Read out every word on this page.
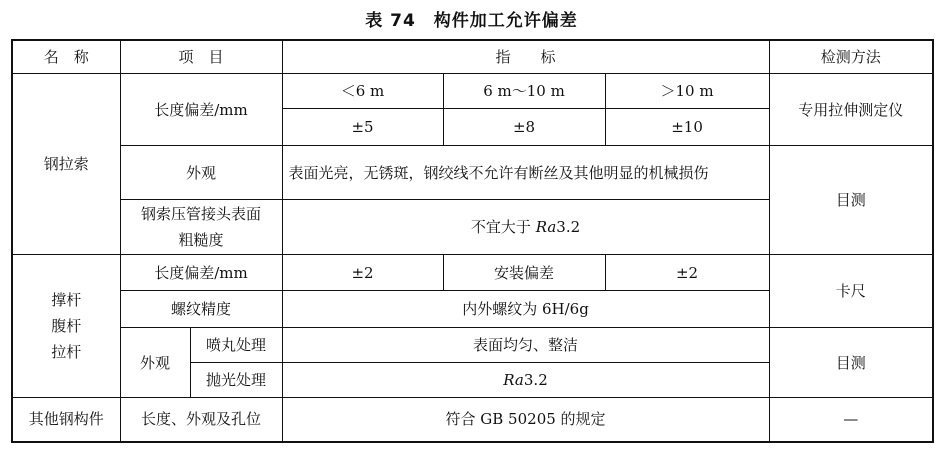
表 74　构件加工允许偏差
名　称	项　目		指　　标			检测方法
钢拉索	长度偏差/mm		＜6 m	6 m～10 m	＞10 m	专用拉伸测定仪
			±5	±8	±10	
	外观		表面光亮，无锈斑，钢绞线不允许有断丝及其他明显的机械损伤			目测
	钢索压管接头表面粗糙度		不宜大于 Ra3.2			
撑杆腹杆拉杆	长度偏差/mm		±2	安装偏差	±2	卡尺
	螺纹精度		内外螺纹为 6H/6g			
	外观	喷丸处理	表面均匀、整洁			目测
		抛光处理	Ra3.2			
其他钢构件	长度、外观及孔位		符合 GB 50205 的规定			—
